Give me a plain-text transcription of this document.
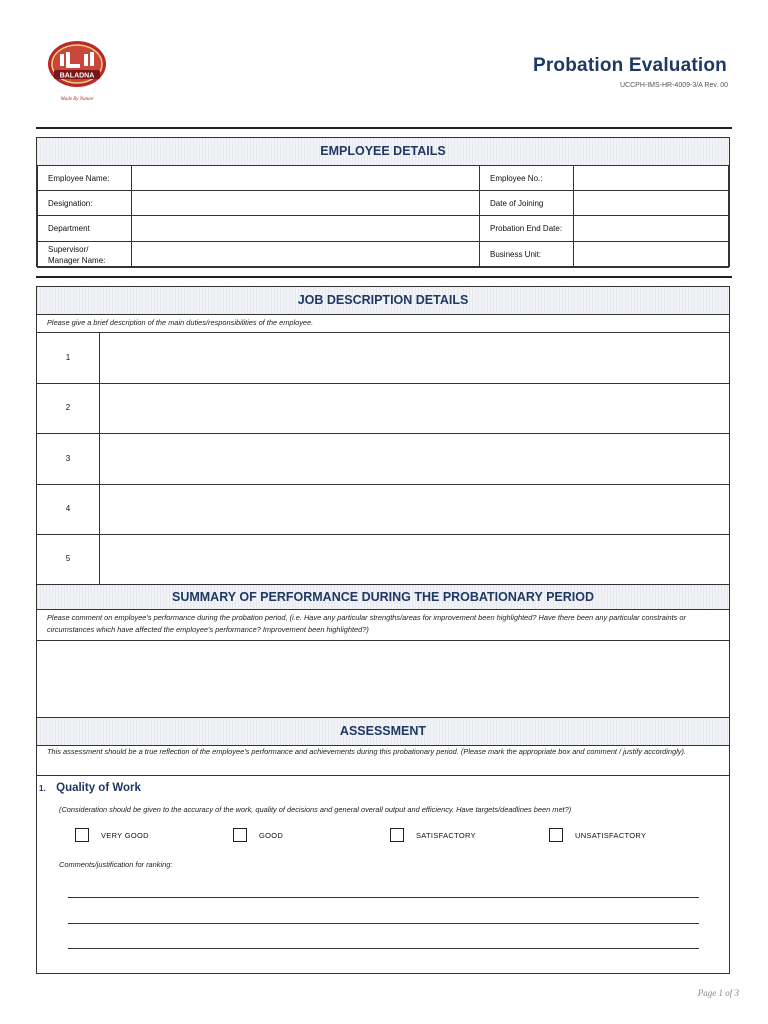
BALADNA
Made By Nature
Probation Evaluation
UCCPH-IMS-HR-4009-3/A Rev. 00
EMPLOYEE DETAILS
Employee Name:		Employee No.:	
Designation:		Date of Joining	
Department		Probation End Date:	
Supervisor/ Manager Name:		Business Unit:	
JOB DESCRIPTION DETAILS
Please give a brief description of the main duties/responsibilities of the employee.
1
2
3
4
5
SUMMARY OF PERFORMANCE DURING THE PROBATIONARY PERIOD
Please comment on employee's performance during the probation period, (i.e. Have any particular strengths/areas for improvement been highlighted? Have there been any particular constraints or circumstances which have affected the employee's performance? Improvement been highlighted?)
ASSESSMENT
This assessment should be a true reflection of the employee's performance and achievements during this probationary period. (Please mark the appropriate box and comment / justify accordingly).
1. Quality of Work
(Consideration should be given to the accuracy of the work, quality of decisions and general overall output and efficiency. Have targets/deadlines been met?)
VERY GOOD	GOOD	SATISFACTORY	UNSATISFACTORY
Comments/justification for ranking:
Page 1 of 3
